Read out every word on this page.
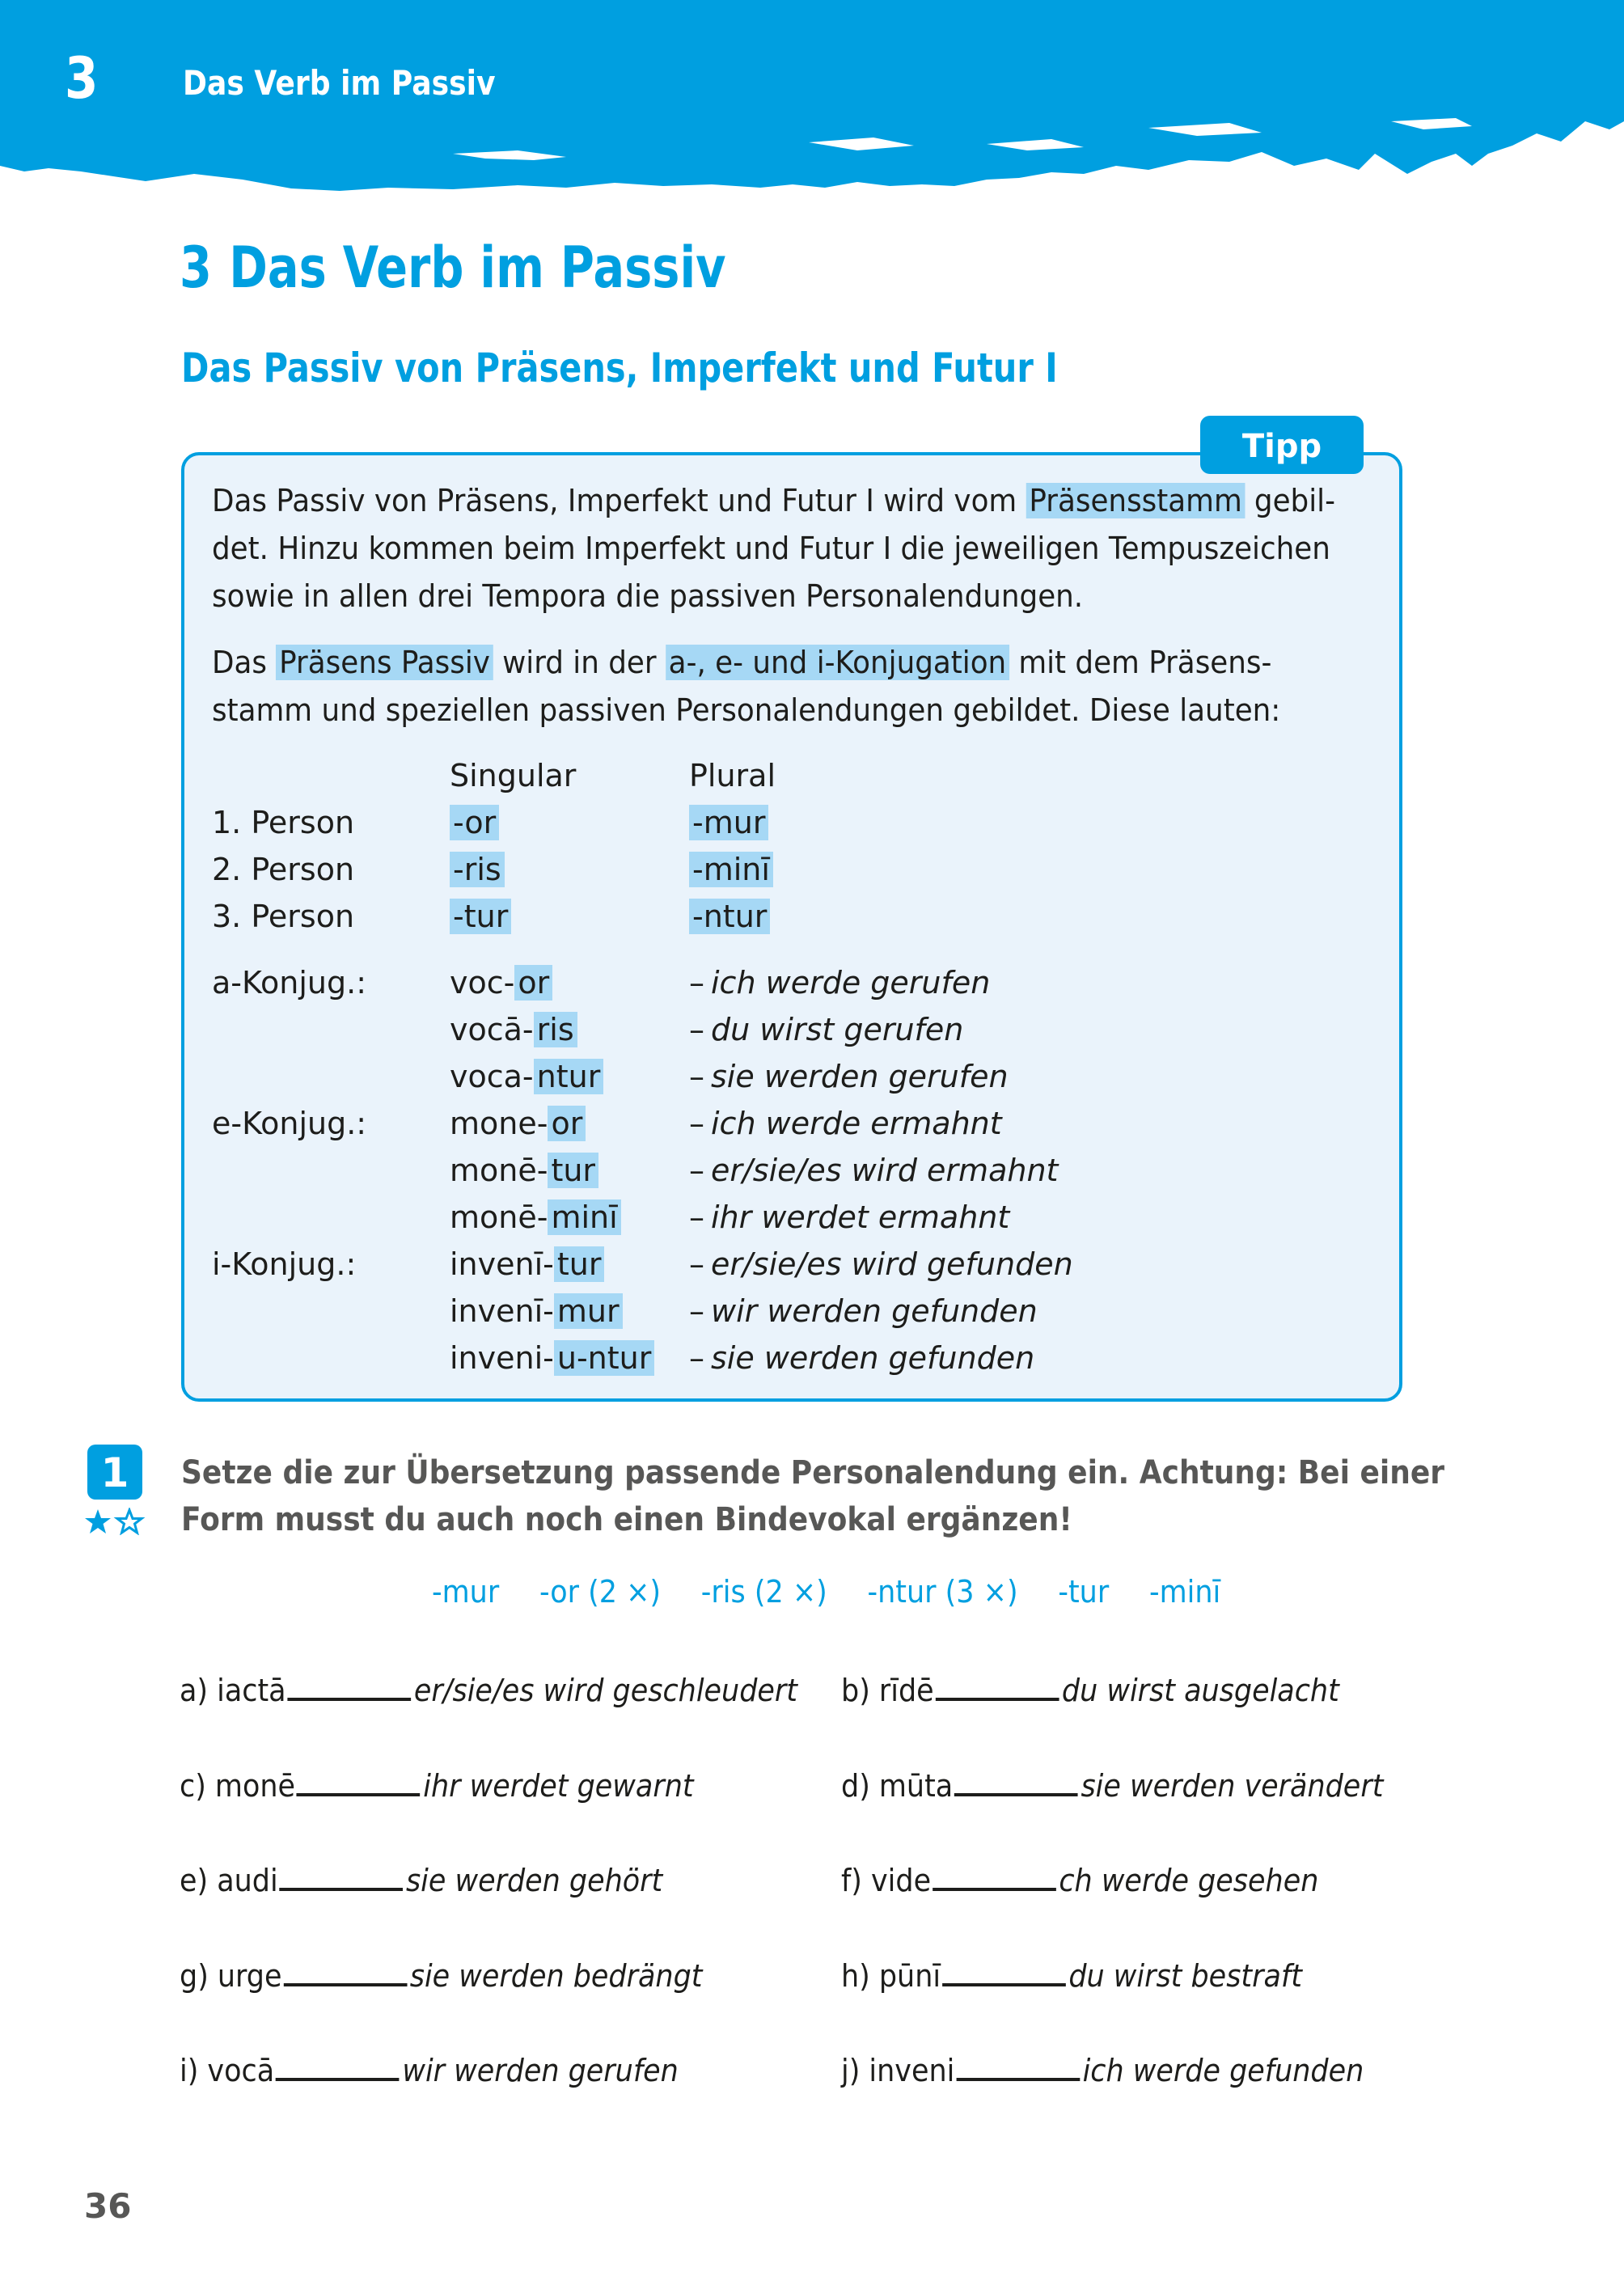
3 Das Verb im Passiv
3 Das Verb im Passiv
Das Passiv von Präsens, Imperfekt und Futur I
Tipp
Das Passiv von Präsens, Imperfekt und Futur I wird vom Präsensstamm gebil-
det. Hinzu kommen beim Imperfekt und Futur I die jeweiligen Tempuszeichen
sowie in allen drei Tempora die passiven Personalendungen.
Das Präsens Passiv wird in der a-, e- und i-Konjugation mit dem Präsens-
stamm und speziellen passiven Personalendungen gebildet. Diese lauten:
Singular	Plural
1. Person	-or	-mur
2. Person	-ris	-minī
3. Person	-tur	-ntur
a-Konjug.:	voc- or	– ich werde gerufen
vocā- ris	– du wirst gerufen
voca- ntur	– sie werden gerufen
e-Konjug.:	mone- or	– ich werde ermahnt
monē- tur	– er/sie/es wird ermahnt
monē- minī – ihr werdet ermahnt
i-Konjug.:	invenī- tur	– er/sie/es wird gefunden
invenī- mur – wir werden gefunden
inveni- u-ntur – sie werden gefunden
1	Setze die zur Übersetzung passende Personalendung ein. Achtung: Bei einer
Form musst du auch noch einen Bindevokal ergänzen!
-mur -or (2 ×) -ris (2 ×) -ntur (3 ×) -tur -minī
a) iactā	er/sie/es wird geschleudert b) rīdē	du wirst ausgelacht
c) monē	ihr werdet gewarnt	d) mūta	sie werden verändert
e) audi	sie werden gehört	f) vide	ch werde gesehen
g) urge	sie werden bedrängt	h) pūnī	du wirst bestraft
i) vocā	wir werden gerufen	j) inveni	ich werde gefunden
36
